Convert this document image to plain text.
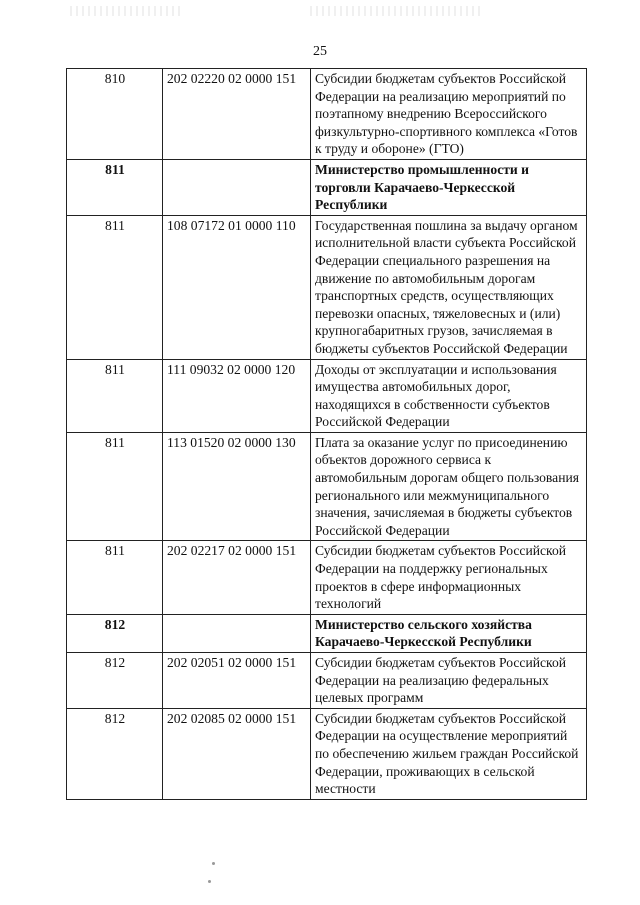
25
810	202 02220 02 0000 151	Субсидии бюджетам субъектов Российской Федерации на реализацию мероприятий по поэтапному внедрению Всероссийского физкультурно-спортивного комплекса «Готов к труду и обороне» (ГТО)
811		Министерство промышленности и торговли Карачаево-Черкесской Республики
811	108 07172 01 0000 110	Государственная пошлина за выдачу органом исполнительной власти субъекта Российской Федерации специального разрешения на движение по автомобильным дорогам транспортных средств, осуществляющих перевозки опасных, тяжеловесных и (или) крупногабаритных грузов, зачисляемая в бюджеты субъектов Российской Федерации
811	111 09032 02 0000 120	Доходы от эксплуатации и использования имущества автомобильных дорог, находящихся в собственности субъектов Российской Федерации
811	113 01520 02 0000 130	Плата за оказание услуг по присоединению объектов дорожного сервиса к автомобильным дорогам общего пользования регионального или межмуниципального значения, зачисляемая в бюджеты субъектов Российской Федерации
811	202 02217 02 0000 151	Субсидии бюджетам субъектов Российской Федерации на поддержку региональных проектов в сфере информационных технологий
812		Министерство сельского хозяйства Карачаево-Черкесской Республики
812	202 02051 02 0000 151	Субсидии бюджетам субъектов Российской Федерации на реализацию федеральных целевых программ
812	202 02085 02 0000 151	Субсидии бюджетам субъектов Российской Федерации на осуществление мероприятий по обеспечению жильем граждан Российской Федерации, проживающих в сельской местности
